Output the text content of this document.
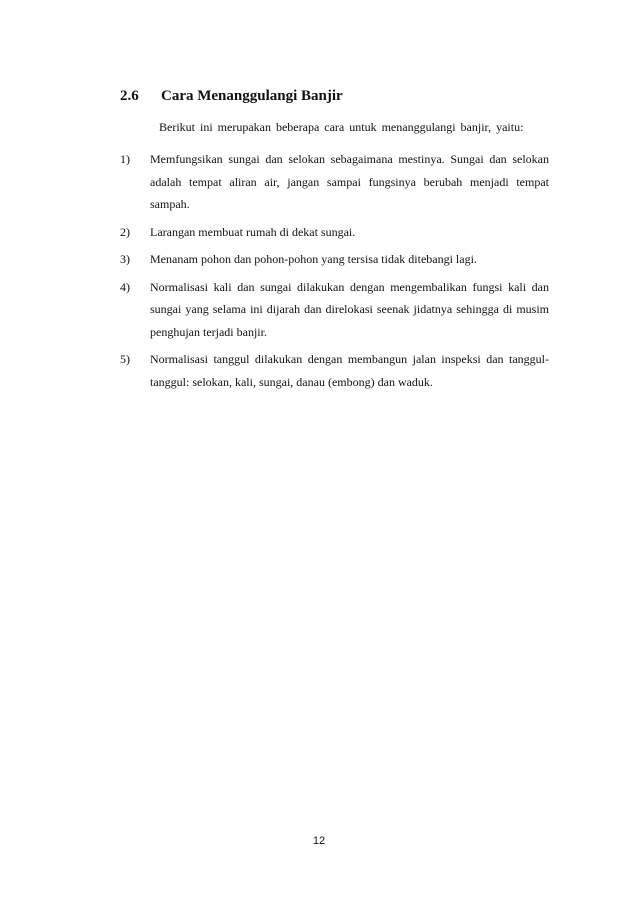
2.6 Cara Menanggulangi Banjir
Berikut ini merupakan beberapa cara untuk menanggulangi banjir, yaitu:
1) Memfungsikan sungai dan selokan sebagaimana mestinya. Sungai dan selokan adalah tempat aliran air, jangan sampai fungsinya berubah menjadi tempat sampah.
2) Larangan membuat rumah di dekat sungai.
3) Menanam pohon dan pohon-pohon yang tersisa tidak ditebangi lagi.
4) Normalisasi kali dan sungai dilakukan dengan mengembalikan fungsi kali dan sungai yang selama ini dijarah dan direlokasi seenak jidatnya sehingga di musim penghujan terjadi banjir.
5) Normalisasi tanggul dilakukan dengan membangun jalan inspeksi dan tanggul-tanggul: selokan, kali, sungai, danau (embong) dan waduk.
12
